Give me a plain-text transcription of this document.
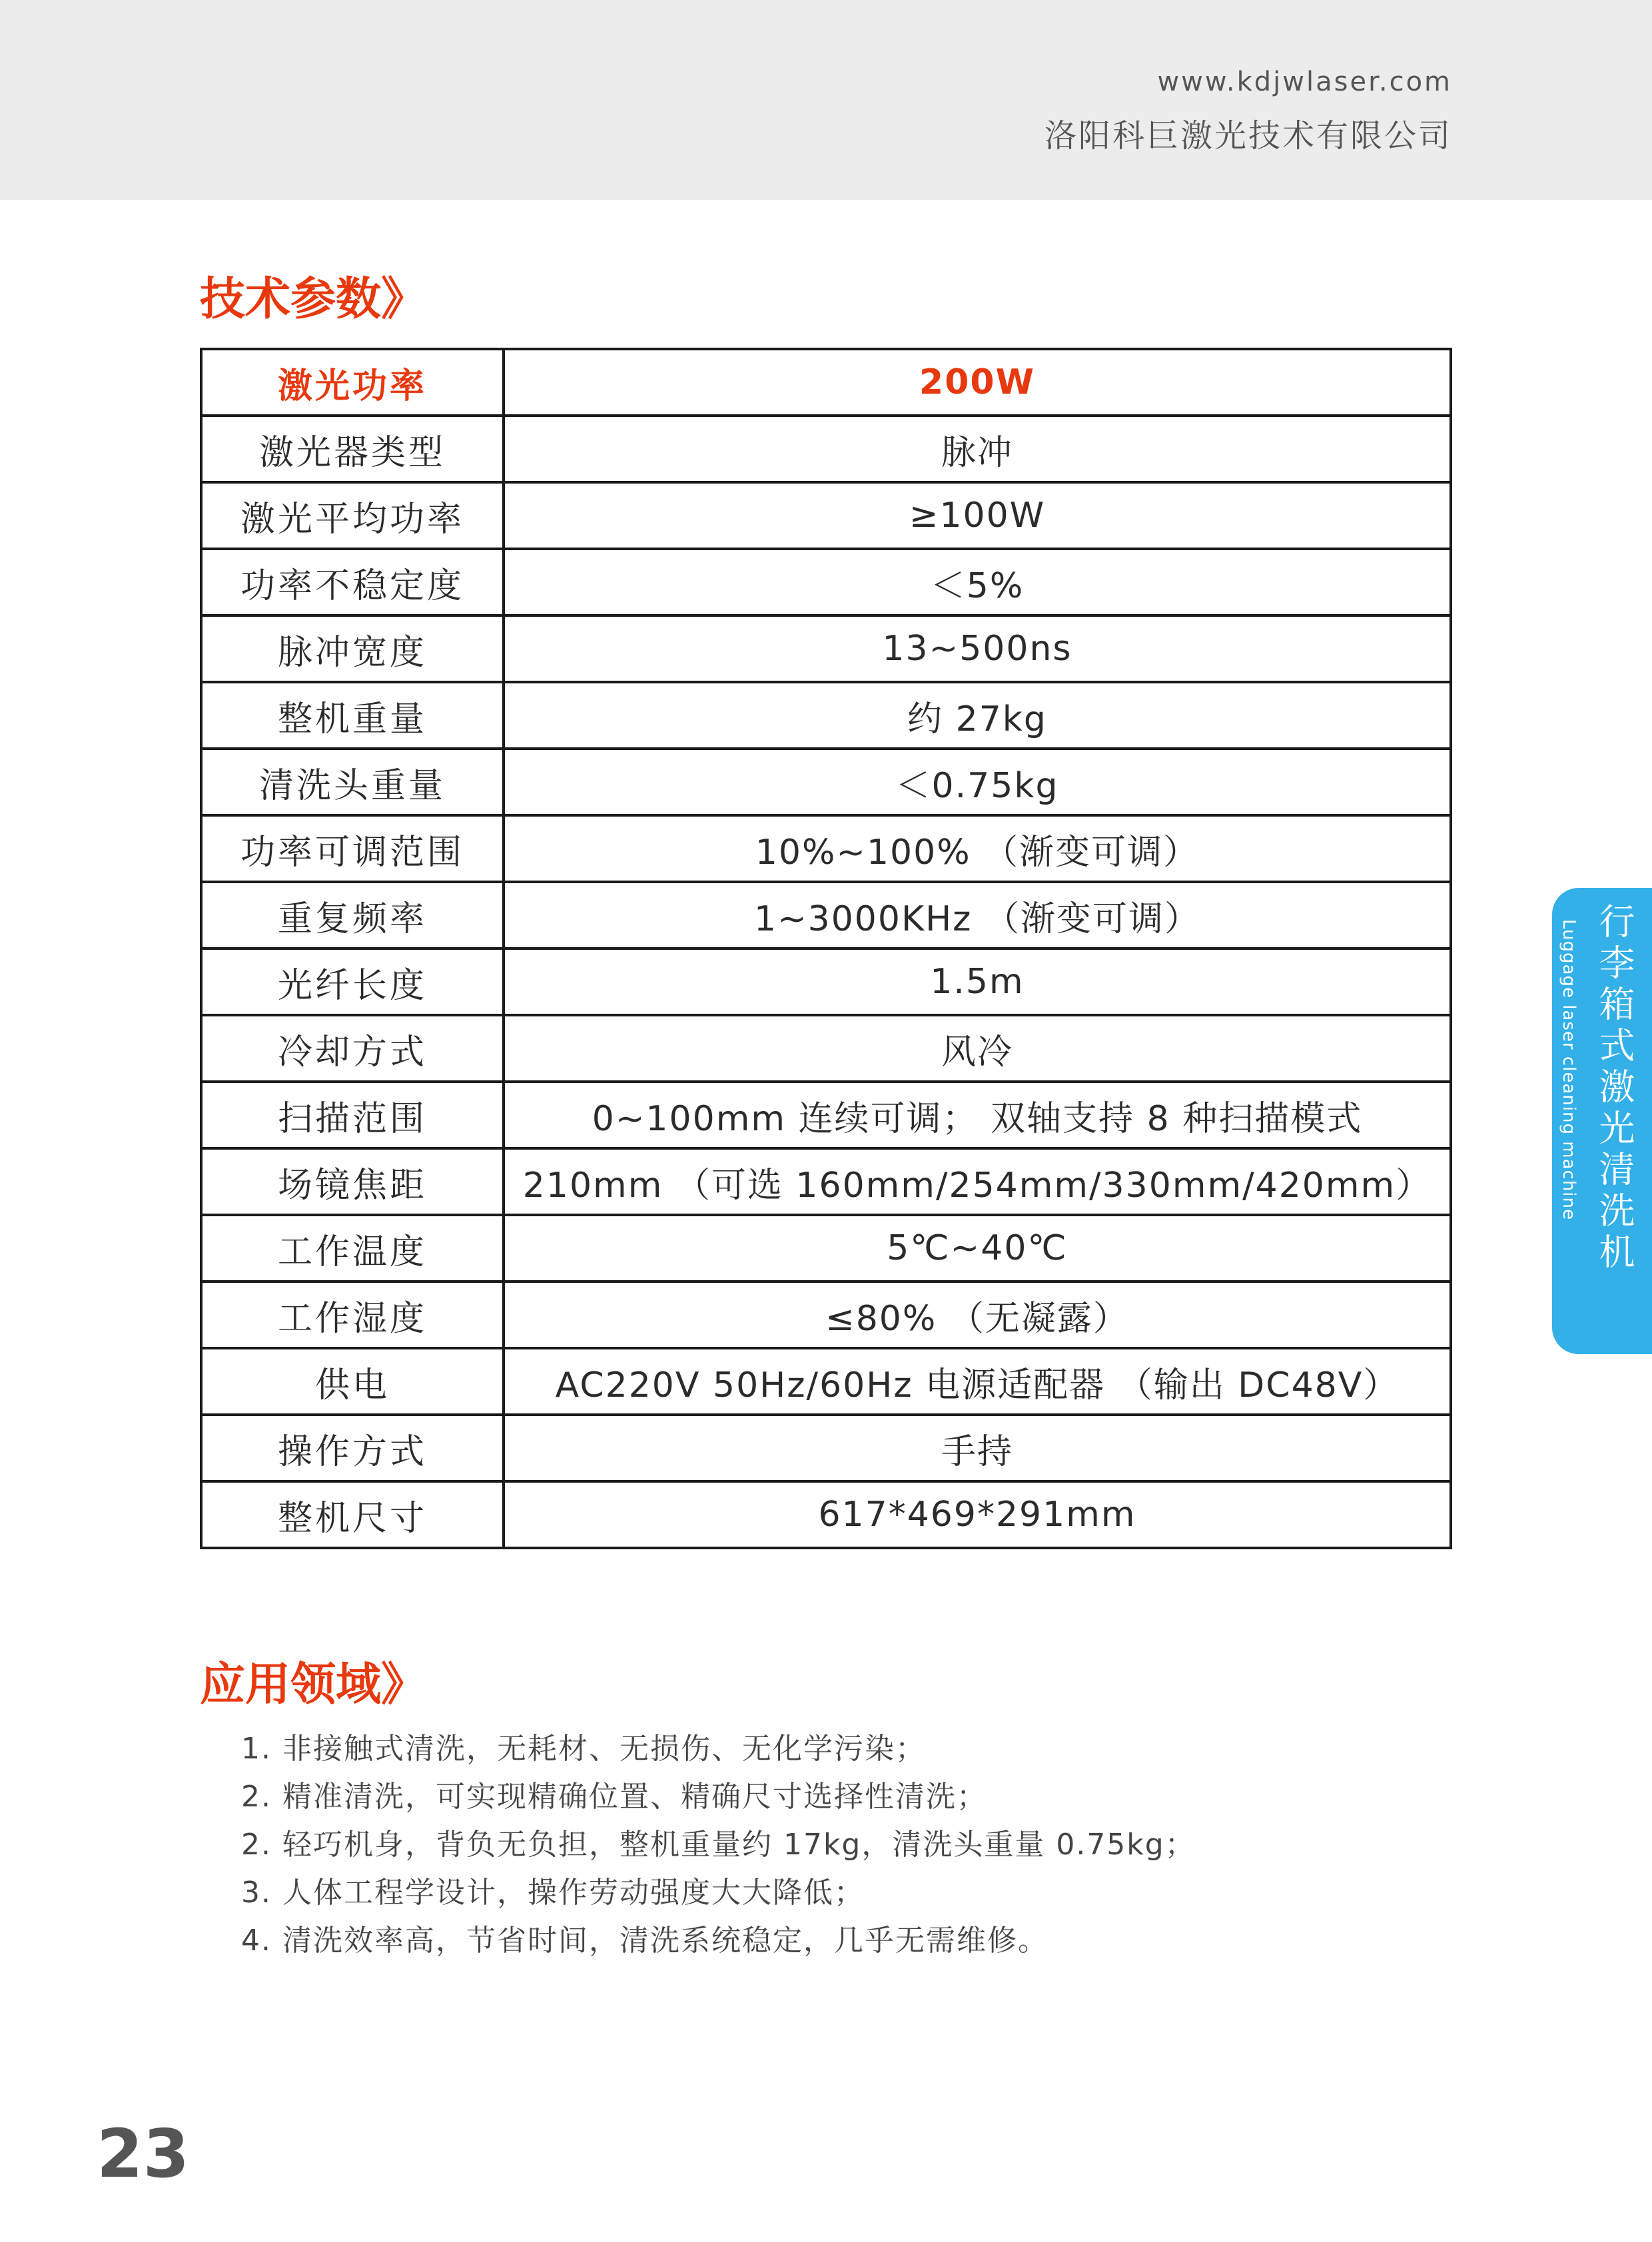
www.kdjwlaser.com
洛阳科巨激光技术有限公司
技术参数》
激光功率	200W
激光器类型	脉冲
激光平均功率	≥100W
功率不稳定度	＜5%
脉冲宽度	13~500ns
整机重量	约 27kg
清洗头重量	＜0.75kg
功率可调范围	10%~100% （渐变可调）
重复频率	1~3000KHz （渐变可调）
光纤长度	1.5m
冷却方式	风冷
扫描范围	0~100mm 连续可调； 双轴支持 8 种扫描模式
场镜焦距	210mm （可选 160mm/254mm/330mm/420mm）
工作温度	5℃~40℃
工作湿度	≤80% （无凝露）
供电	AC220V 50Hz/60Hz 电源适配器 （输出 DC48V）
操作方式	手持
整机尺寸	617*469*291mm
应用领域》
1. 非接触式清洗，无耗材、无损伤、无化学污染；
2. 精准清洗，可实现精确位置、精确尺寸选择性清洗；
2. 轻巧机身，背负无负担，整机重量约 17kg，清洗头重量 0.75kg；
3. 人体工程学设计，操作劳动强度大大降低；
4. 清洗效率高，节省时间，清洗系统稳定，几乎无需维修。
行李箱式激光清洗机
Luggage laser cleaning machine
23
